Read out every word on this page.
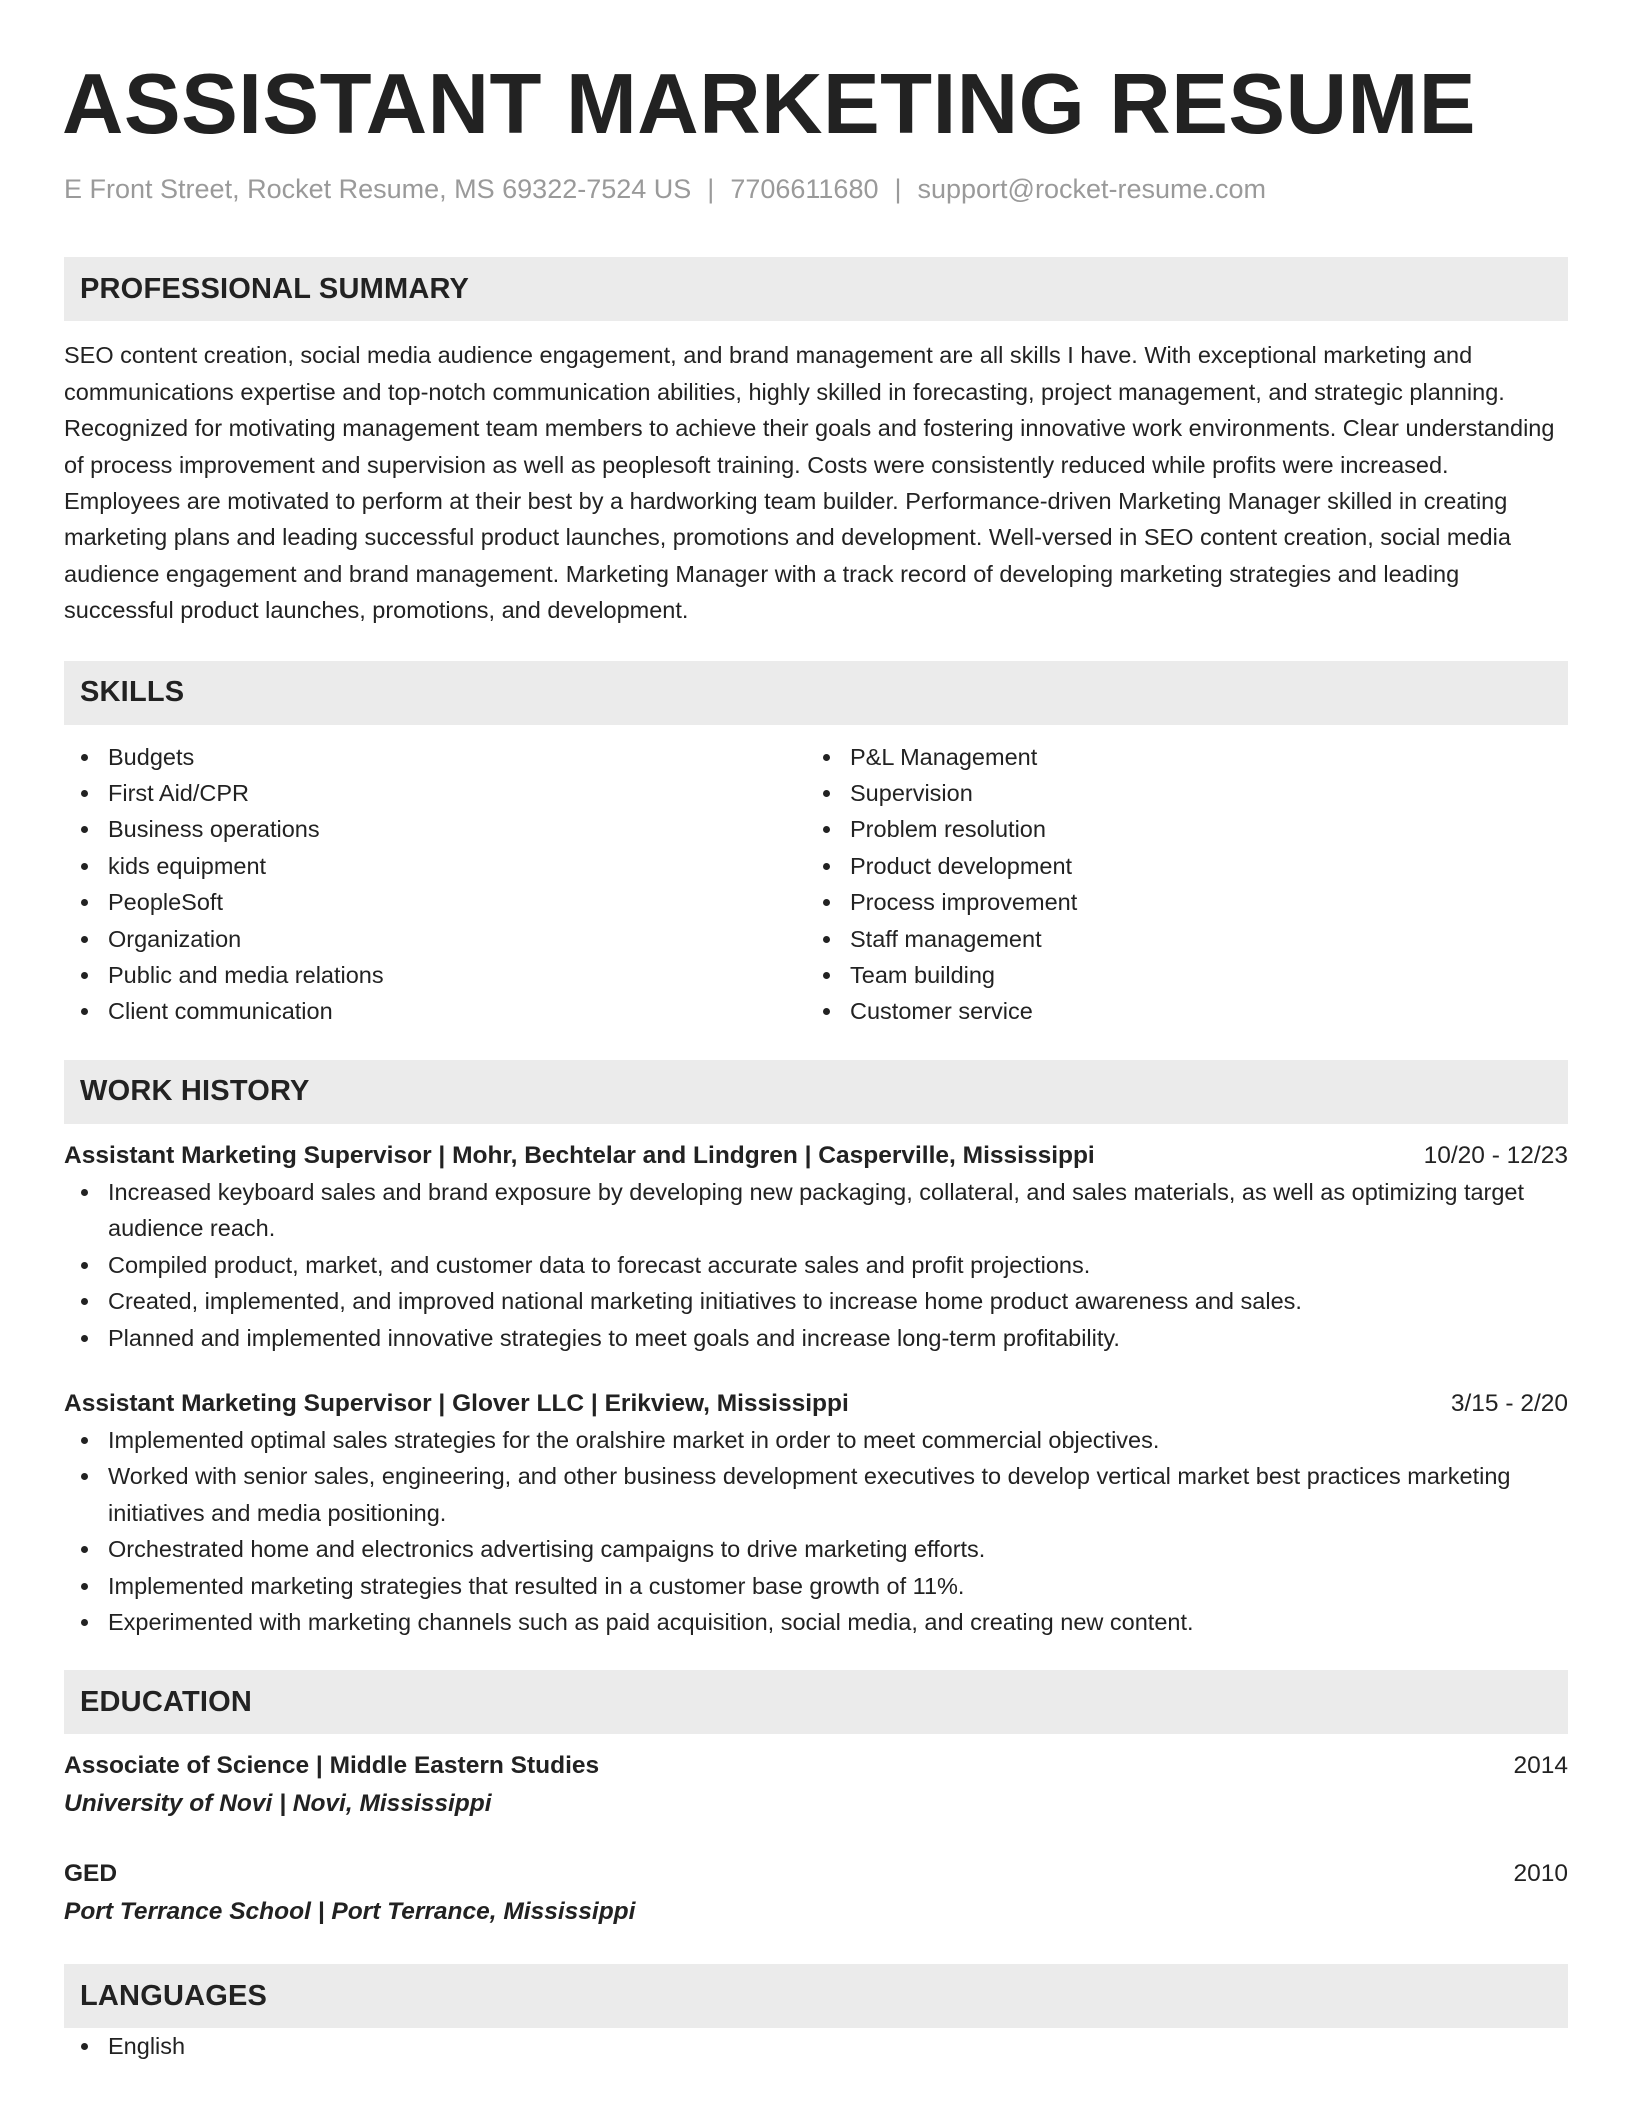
ASSISTANT MARKETING RESUME
E Front Street, Rocket Resume, MS 69322-7524 US | 7706611680 | support@rocket-resume.com
PROFESSIONAL SUMMARY

SEO content creation, social media audience engagement, and brand management are all skills I have. With exceptional marketing and communications expertise and top-notch communication abilities, highly skilled in forecasting, project management, and strategic planning. Recognized for motivating management team members to achieve their goals and fostering innovative work environments. Clear understanding of process improvement and supervision as well as peoplesoft training. Costs were consistently reduced while profits were increased. Employees are motivated to perform at their best by a hardworking team builder. Performance-driven Marketing Manager skilled in creating marketing plans and leading successful product launches, promotions and development. Well-versed in SEO content creation, social media audience engagement and brand management. Marketing Manager with a track record of developing marketing strategies and leading successful product launches, promotions, and development.

SKILLS
Budgets
First Aid/CPR
Business operations
kids equipment
PeopleSoft
Organization
Public and media relations
Client communication
P&L Management
Supervision
Problem resolution
Product development
Process improvement
Staff management
Team building
Customer service
WORK HISTORY
Assistant Marketing Supervisor | Mohr, Bechtelar and Lindgren | Casperville, Mississippi	10/20 - 12/23
Increased keyboard sales and brand exposure by developing new packaging, collateral, and sales materials, as well as optimizing target audience reach.
Compiled product, market, and customer data to forecast accurate sales and profit projections.
Created, implemented, and improved national marketing initiatives to increase home product awareness and sales.
Planned and implemented innovative strategies to meet goals and increase long-term profitability.
Assistant Marketing Supervisor | Glover LLC | Erikview, Mississippi	3/15 - 2/20
Implemented optimal sales strategies for the oralshire market in order to meet commercial objectives.
Worked with senior sales, engineering, and other business development executives to develop vertical market best practices marketing initiatives and media positioning.
Orchestrated home and electronics advertising campaigns to drive marketing efforts.
Implemented marketing strategies that resulted in a customer base growth of 11%.
Experimented with marketing channels such as paid acquisition, social media, and creating new content.
EDUCATION
Associate of Science | Middle Eastern Studies	2014
University of Novi | Novi, Mississippi
GED	2010
Port Terrance School | Port Terrance, Mississippi
LANGUAGES
English
